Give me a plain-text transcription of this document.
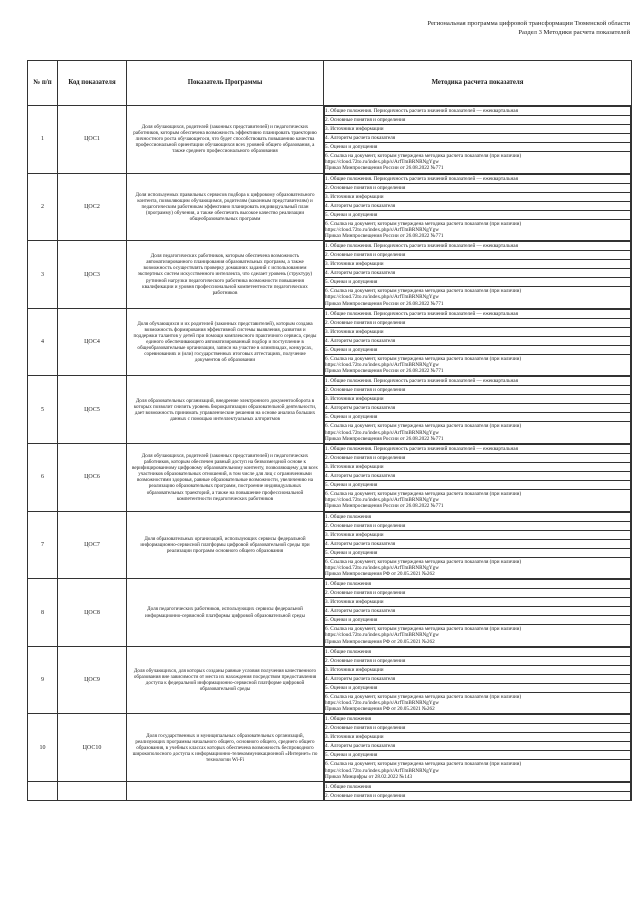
Региональная программа цифровой трансформации Тюменской области
Раздел 3 Методики расчета показателей
№ п/п	Код показателя	Показатель Программы	Методика расчета показателя
1	ЦОС1	Доля обучающихся, родителей (законных представителей) и педагогических работников, которым обеспечена возможность эффективно планировать траекторию личностного роста обучающегося, что будет способствовать повышению качества профессиональной ориентации обучающихся всех уровней общего образования, а также среднего профессионального образования	
1. Общие положения. Периодичность расчета значений показателей — ежеквартальная
2. Основные понятия и определения
3. Источники информации
4. Алгоритм расчета показателя
5. Оценки и допущения

6. Ссылка на документ, которым утверждена методика расчета показателя (при наличии)
https://cloud.72to.ru/index.php/s/ArfTmBRNRNgYgw
Приказ Минпросвещения России от 26.08.2022 №771

2	ЦОС2	Доля используемых правильных сервисов подбора к цифровому образовательного контента, позволяющим обучающимся, родителям (законным представителям) и педагогическим работникам эффективно планировать индивидуальный план (программу) обучения, а также обеспечить высокое качество реализации общеобразовательных программ	
1. Общие положения. Периодичность расчета значений показателей — ежеквартальная
2. Основные понятия и определения
3. Источники информации
4. Алгоритм расчета показателя
5. Оценки и допущения

6. Ссылка на документ, которым утверждена методика расчета показателя (при наличии)
https://cloud.72to.ru/index.php/s/ArfTmBRNRNgYgw
Приказ Минпросвещения России от 26.08.2022 №771

3	ЦОС3	Доля педагогических работников, которым обеспечена возможность автоматизированного планирования образовательных программ, а также возможность осуществлять проверку домашних заданий с использованием экспертных систем искусственного интеллекта, что сделает уровень (структуру) рутинной нагрузки педагогического работника возможности повышения квалификации и уровня профессиональной компетентности педагогических работников	
1. Общие положения. Периодичность расчета значений показателей — ежеквартальная
2. Основные понятия и определения
3. Источники информации
4. Алгоритм расчета показателя
5. Оценки и допущения

6. Ссылка на документ, которым утверждена методика расчета показателя (при наличии)
https://cloud.72to.ru/index.php/s/ArfTmBRNRNgYgw
Приказ Минпросвещения России от 26.08.2022 №771

4	ЦОС4	Доля обучающихся и их родителей (законных представителей), которым создана возможность формирования эффективной системы выявления, развития и поддержки талантов у детей при помощи комплексного практичного сервиса, среды единого обеспечивающего автоматизированный подбор и поступление в общеобразовательные организации, записи на участие в олимпиадах, конкурсах, соревнованиях и (или) государственных итоговых аттестациях, получение документов об образовании	
1. Общие положения. Периодичность расчета значений показателей — ежеквартальная
2. Основные понятия и определения
3. Источники информации
4. Алгоритм расчета показателя
5. Оценки и допущения

6. Ссылка на документ, которым утверждена методика расчета показателя (при наличии)
https://cloud.72to.ru/index.php/s/ArfTmBRNRNgYgw
Приказ Минпросвещения России от 26.08.2022 №771

5	ЦОС5	Доля образовательных организаций, внедрение электронного документооборота в которых позволит снизить уровень бюрократизации образовательной деятельности, дает возможность принимать управленческие решения на основе анализа больших данных с помощью интеллектуальных алгоритмов	
1. Общие положения. Периодичность расчета значений показателей — ежеквартальная
2. Основные понятия и определения
3. Источники информации
4. Алгоритм расчета показателя
5. Оценки и допущения

6. Ссылка на документ, которым утверждена методика расчета показателя (при наличии)
https://cloud.72to.ru/index.php/s/ArfTmBRNRNgYgw
Приказ Минпросвещения России от 26.08.2022 №771

6	ЦОС6	Доля обучающихся, родителей (законных представителей) и педагогических работников, которым обеспечен равный доступ на безвозмездной основе к верифицированному цифровому образовательному контенту, позволяющему для всех участников образовательных отношений, в том числе для лиц с ограниченными возможностями здоровья, равные образовательные возможности, увеличению на реализацию образовательных программ, построение индивидуальных образовательных траекторий, а также на повышение профессиональной компетентности педагогических работников	
1. Общие положения. Периодичность расчета значений показателей — ежеквартальная
2. Основные понятия и определения
3. Источники информации
4. Алгоритм расчета показателя
5. Оценки и допущения

6. Ссылка на документ, которым утверждена методика расчета показателя (при наличии)
https://cloud.72to.ru/index.php/s/ArfTmBRNRNgYgw
Приказ Минпросвещения России от 26.08.2022 №771

7	ЦОС7	Доля образовательных организаций, использующих сервисы федеральной информационно-сервисной платформы цифровой образовательной среды при реализации программ основного общего образования	
1. Общие положения
2. Основные понятия и определения
3. Источники информации
4. Алгоритм расчета показателя
5. Оценки и допущения

6. Ссылка на документ, которым утверждена методика расчета показателя (при наличии)
https://cloud.72to.ru/index.php/s/ArfTmBRNRNgYgw
Приказ Минпросвещения РФ от 20.05.2021 №262

8	ЦОС8	Доля педагогических работников, использующих сервисы федеральной информационно-сервисной платформы цифровой образовательной среды	
1. Общие положения
2. Основные понятия и определения
3. Источники информации
4. Алгоритм расчета показателя
5. Оценки и допущения

6. Ссылка на документ, которым утверждена методика расчета показателя (при наличии)
https://cloud.72to.ru/index.php/s/ArfTmBRNRNgYgw
Приказ Минпросвещения РФ от 20.05.2021 №262

9	ЦОС9	Доля обучающихся, для которых созданы равные условия получения качественного образования вне зависимости от места их нахождения посредством предоставления доступа к федеральной информационно-сервисной платформе цифровой образовательной среды	
1. Общие положения
2. Основные понятия и определения
3. Источники информации
4. Алгоритм расчета показателя
5. Оценки и допущения

6. Ссылка на документ, которым утверждена методика расчета показателя (при наличии)
https://cloud.72to.ru/index.php/s/ArfTmBRNRNgYgw
Приказ Минпросвещения РФ от 20.05.2021 №262

10	ЦОС10	Доля государственных и муниципальных образовательных организаций, реализующих программы начального общего, основного общего, среднего общего образования, в учебных классах которых обеспечена возможность беспроводного широкополосного доступа к информационно-телекоммуникационной «Интернет» по технологии Wi-Fi	
1. Общие положения
2. Основные понятия и определения
3. Источники информации
4. Алгоритм расчета показателя
5. Оценки и допущения

6. Ссылка на документ, которым утверждена методика расчета показателя (при наличии)
https://cloud.72to.ru/index.php/s/ArfTmBRNRNgYgw
Приказ Минцифры от 28.02.2022 №143

1. Общие положения
2. Основные понятия и определения
